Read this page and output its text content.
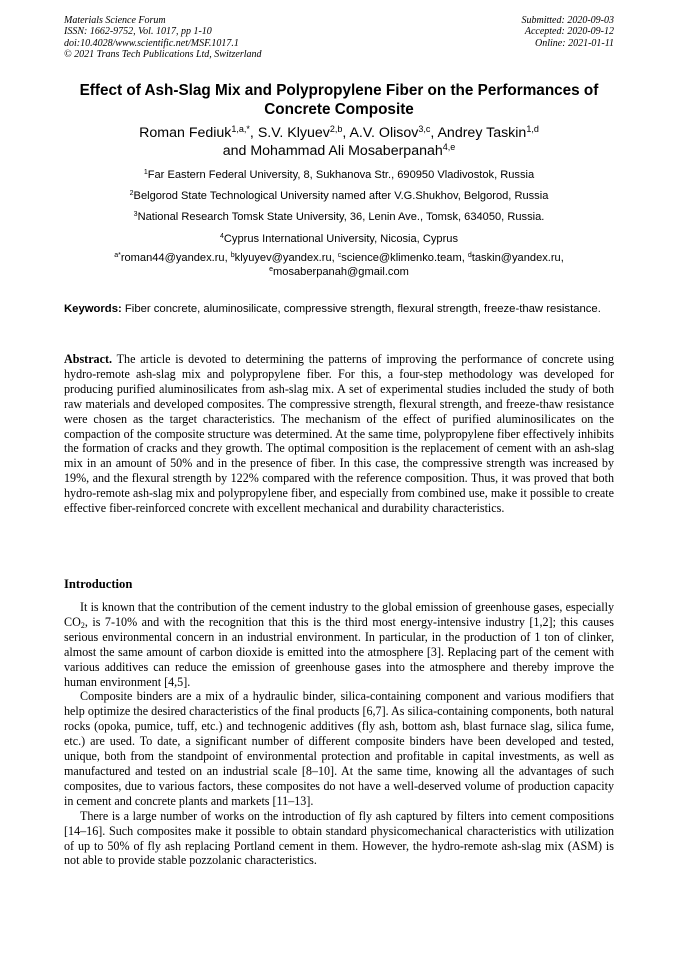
Materials Science Forum
ISSN: 1662-9752, Vol. 1017, pp 1-10
doi:10.4028/www.scientific.net/MSF.1017.1
© 2021 Trans Tech Publications Ltd, Switzerland
Submitted: 2020-09-03
Accepted: 2020-09-12
Online: 2021-01-11
Effect of Ash-Slag Mix and Polypropylene Fiber on the Performances of
Concrete Composite
Roman Fediuk$^{1,a,*}$, S.V. Klyuev$^{2,b}$, A.V. Olisov$^{3,c}$, Andrey Taskin$^{1,d}$
and Mohammad Ali Mosaberpanah$^{4,e}$
$^1$Far Eastern Federal University, 8, Sukhanova Str., 690950 Vladivostok, Russia
$^2$Belgorod State Technological University named after V.G.Shukhov, Belgorod, Russia
$^3$National Research Tomsk State University, 36, Lenin Ave., Tomsk, 634050, Russia.
$^4$Cyprus International University, Nicosia, Cyprus
$^{a*}$roman44@yandex.ru, $^b$klyuyev@yandex.ru, $^c$science@klimenko.team, $^d$taskin@yandex.ru,
$^e$mosaberpanah@gmail.com
Keywords: Fiber concrete, aluminosilicate, compressive strength, flexural strength, freeze-thaw resistance.
Abstract. The article is devoted to determining the patterns of improving the performance of concrete using hydro-remote ash-slag mix and polypropylene fiber. For this, a four-step methodology was developed for producing purified aluminosilicates from ash-slag mix. A set of experimental studies included the study of both raw materials and developed composites. The compressive strength, flexural strength, and freeze-thaw resistance were chosen as the target characteristics. The mechanism of the effect of purified aluminosilicates on the compaction of the composite structure was determined. At the same time, polypropylene fiber effectively inhibits the formation of cracks and they growth. The optimal composition is the replacement of cement with an ash-slag mix in an amount of 50% and in the presence of fiber. In this case, the compressive strength was increased by 19%, and the flexural strength by 122% compared with the reference composition. Thus, it was proved that both hydro-remote ash-slag mix and polypropylene fiber, and especially from combined use, make it possible to create effective fiber-reinforced concrete with excellent mechanical and durability characteristics.
Introduction

It is known that the contribution of the cement industry to the global emission of greenhouse gases, especially $CO_2$, is 7-10% and with the recognition that this is the third most energy-intensive industry [1,2]; this causes serious environmental concern in an industrial environment. In particular, in the production of 1 ton of clinker, almost the same amount of carbon dioxide is emitted into the atmosphere [3]. Replacing part of the cement with various additives can reduce the emission of greenhouse gases into the atmosphere and thereby improve the human environment [4,5].

Composite binders are a mix of a hydraulic binder, silica-containing component and various modifiers that help optimize the desired characteristics of the final products [6,7]. As silica-containing components, both natural rocks (opoka, pumice, tuff, etc.) and technogenic additives (fly ash, bottom ash, blast furnace slag, silica fume, etc.) are used. To date, a significant number of different composite binders have been developed and tested, unique, both from the standpoint of environmental protection and profitable in capital investments, as well as manufactured and tested on an industrial scale [8–10]. At the same time, knowing all the advantages of such composites, due to various factors, these composites do not have a well-deserved volume of production capacity in cement and concrete plants and markets [11–13].

There is a large number of works on the introduction of fly ash captured by filters into cement compositions [14–16]. Such composites make it possible to obtain standard physicomechanical characteristics with utilization of up to 50% of fly ash replacing Portland cement in them. However, the hydro-remote ash-slag mix (ASM) is not able to provide stable pozzolanic characteristics.
